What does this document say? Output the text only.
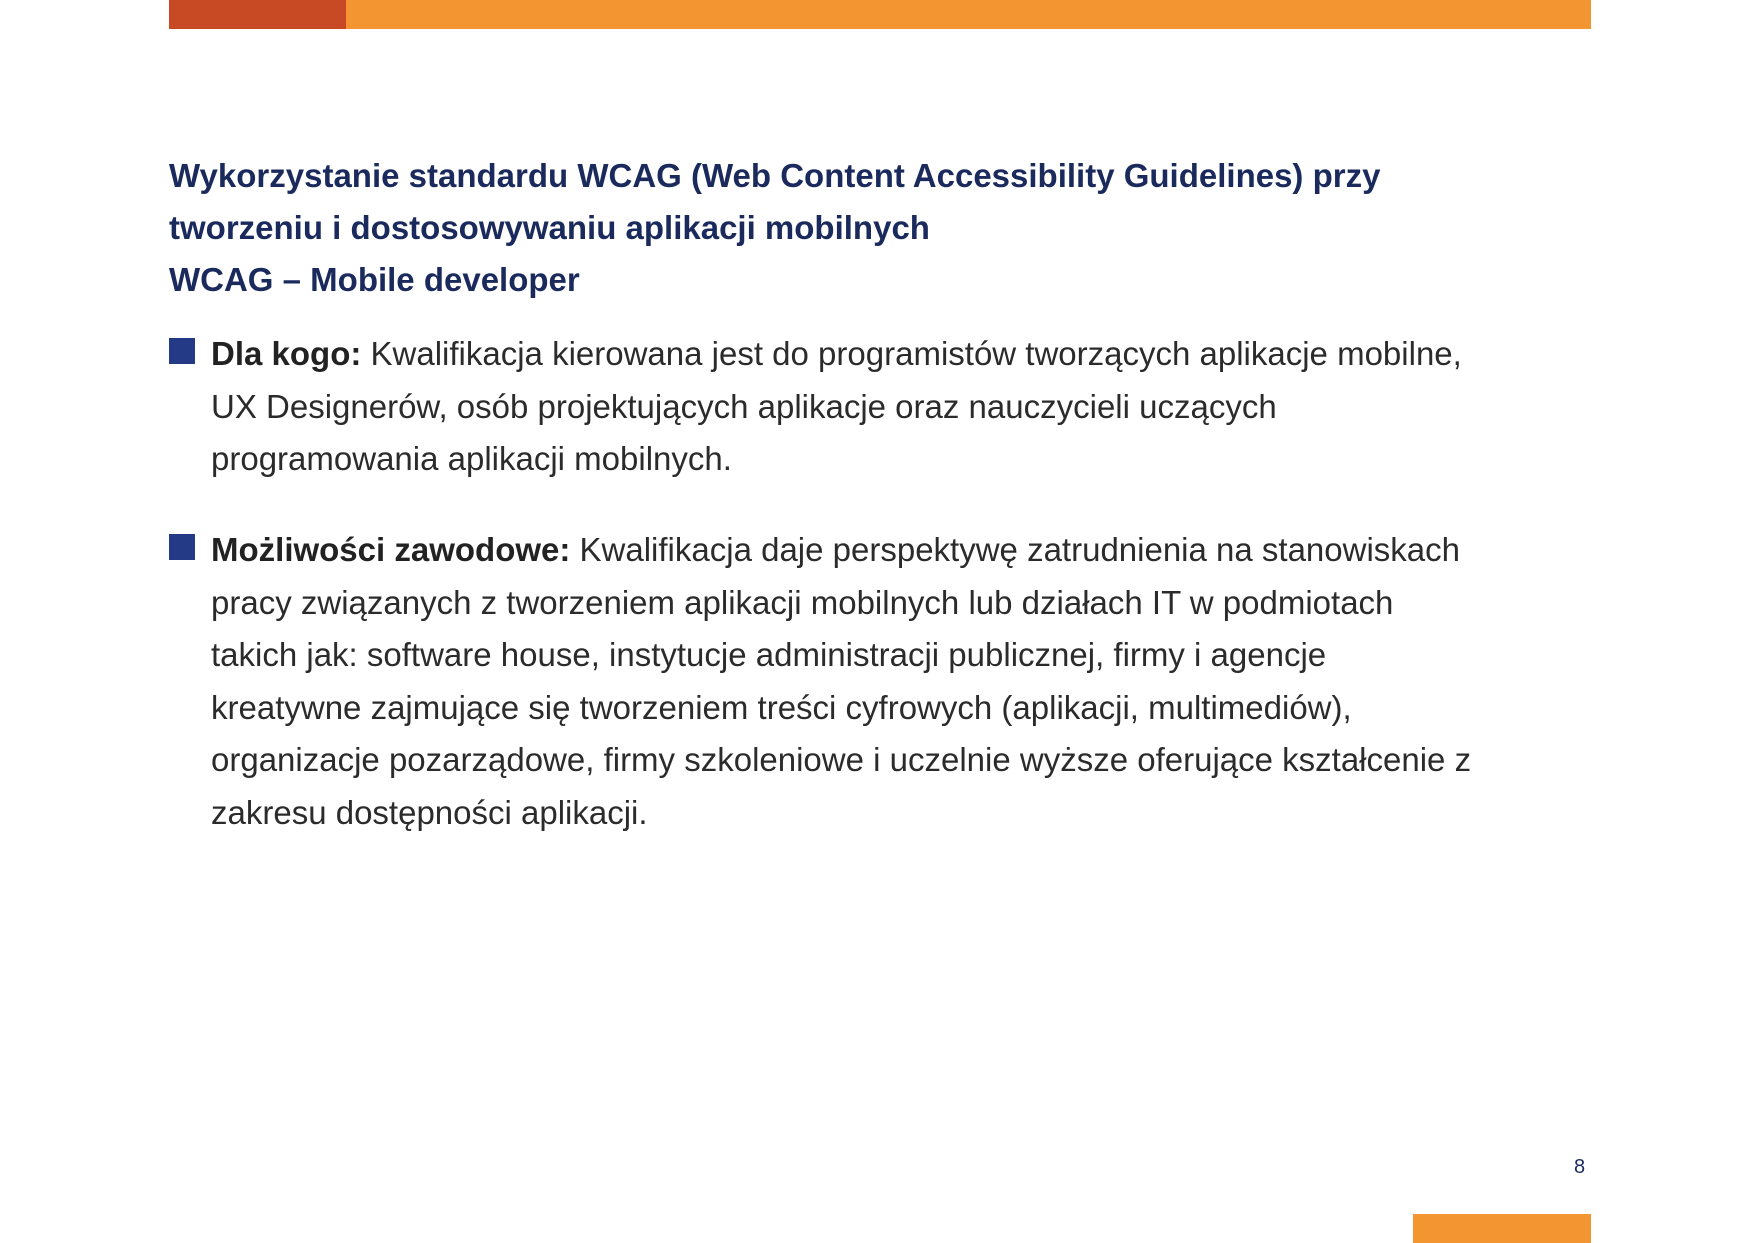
Wykorzystanie standardu WCAG (Web Content Accessibility Guidelines) przy
tworzeniu i dostosowywaniu aplikacji mobilnych
WCAG – Mobile developer
Dla kogo: Kwalifikacja kierowana jest do programistów tworzących aplikacje mobilne,
UX Designerów, osób projektujących aplikacje oraz nauczycieli uczących
programowania aplikacji mobilnych.
Możliwości zawodowe: Kwalifikacja daje perspektywę zatrudnienia na stanowiskach
pracy związanych z tworzeniem aplikacji mobilnych lub działach IT w podmiotach
takich jak: software house, instytucje administracji publicznej, firmy i agencje
kreatywne zajmujące się tworzeniem treści cyfrowych (aplikacji, multimediów),
organizacje pozarządowe, firmy szkoleniowe i uczelnie wyższe oferujące kształcenie z
zakresu dostępności aplikacji.
8
